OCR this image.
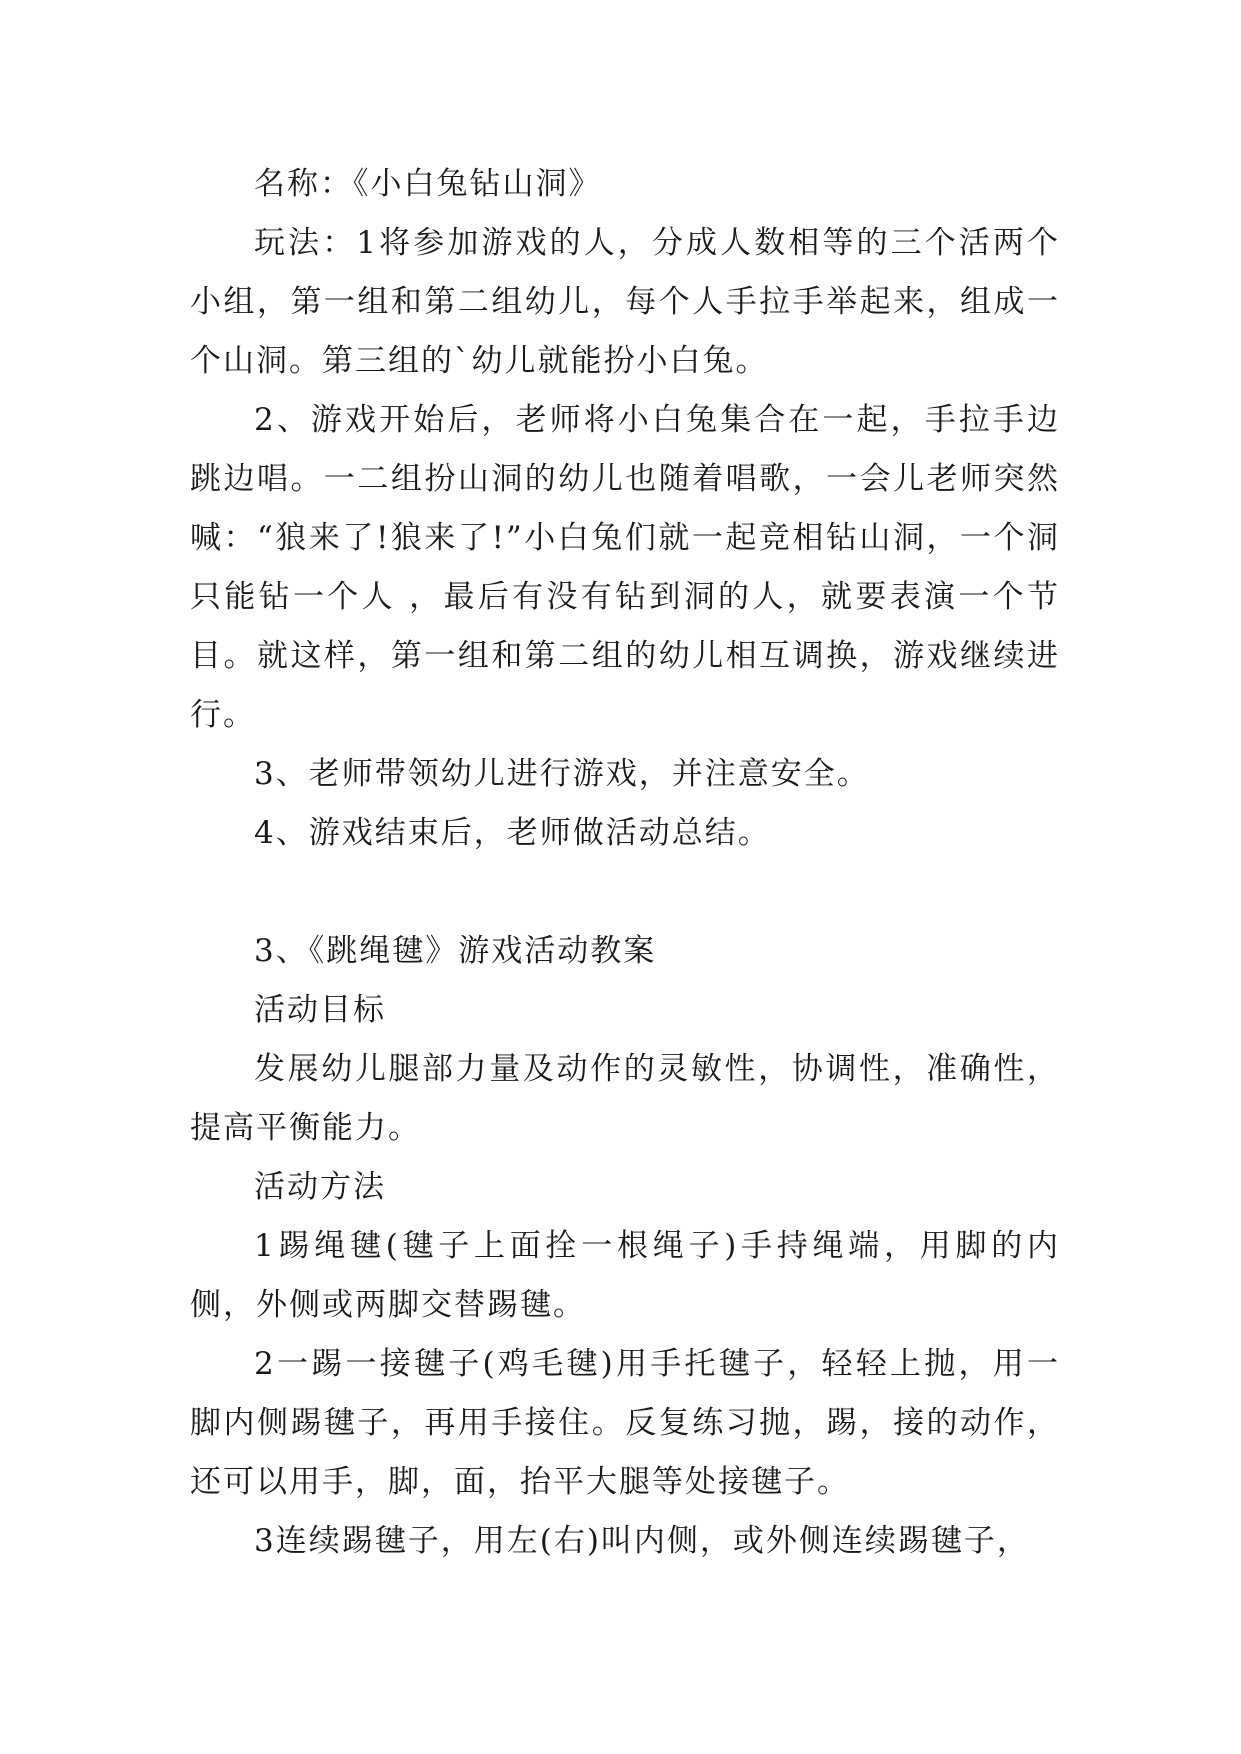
名称：《小白兔钻山洞》

玩法：1将参加游戏的人，分成人数相等的三个活两个小组，第一组和第二组幼儿，每个人手拉手举起来，组成一个山洞。第三组的`幼儿就能扮小白兔。

2、游戏开始后，老师将小白兔集合在一起，手拉手边跳边唱。一二组扮山洞的幼儿也随着唱歌，一会儿老师突然喊：“狼来了!狼来了!”小白兔们就一起竞相钻山洞，一个洞只能钻一个人 ，最后有没有钻到洞的人，就要表演一个节目。就这样，第一组和第二组的幼儿相互调换，游戏继续进行。

3、老师带领幼儿进行游戏，并注意安全。

4、游戏结束后，老师做活动总结。

3、《跳绳毽》游戏活动教案

活动目标

发展幼儿腿部力量及动作的灵敏性，协调性，准确性，提高平衡能力。

活动方法

1踢绳毽(毽子上面拴一根绳子)手持绳端，用脚的内侧，外侧或两脚交替踢毽。

2一踢一接毽子(鸡毛毽)用手托毽子，轻轻上抛，用一脚内侧踢毽子，再用手接住。反复练习抛，踢，接的动作，还可以用手，脚，面，抬平大腿等处接毽子。

3连续踢毽子，用左(右)叫内侧，或外侧连续踢毽子，
